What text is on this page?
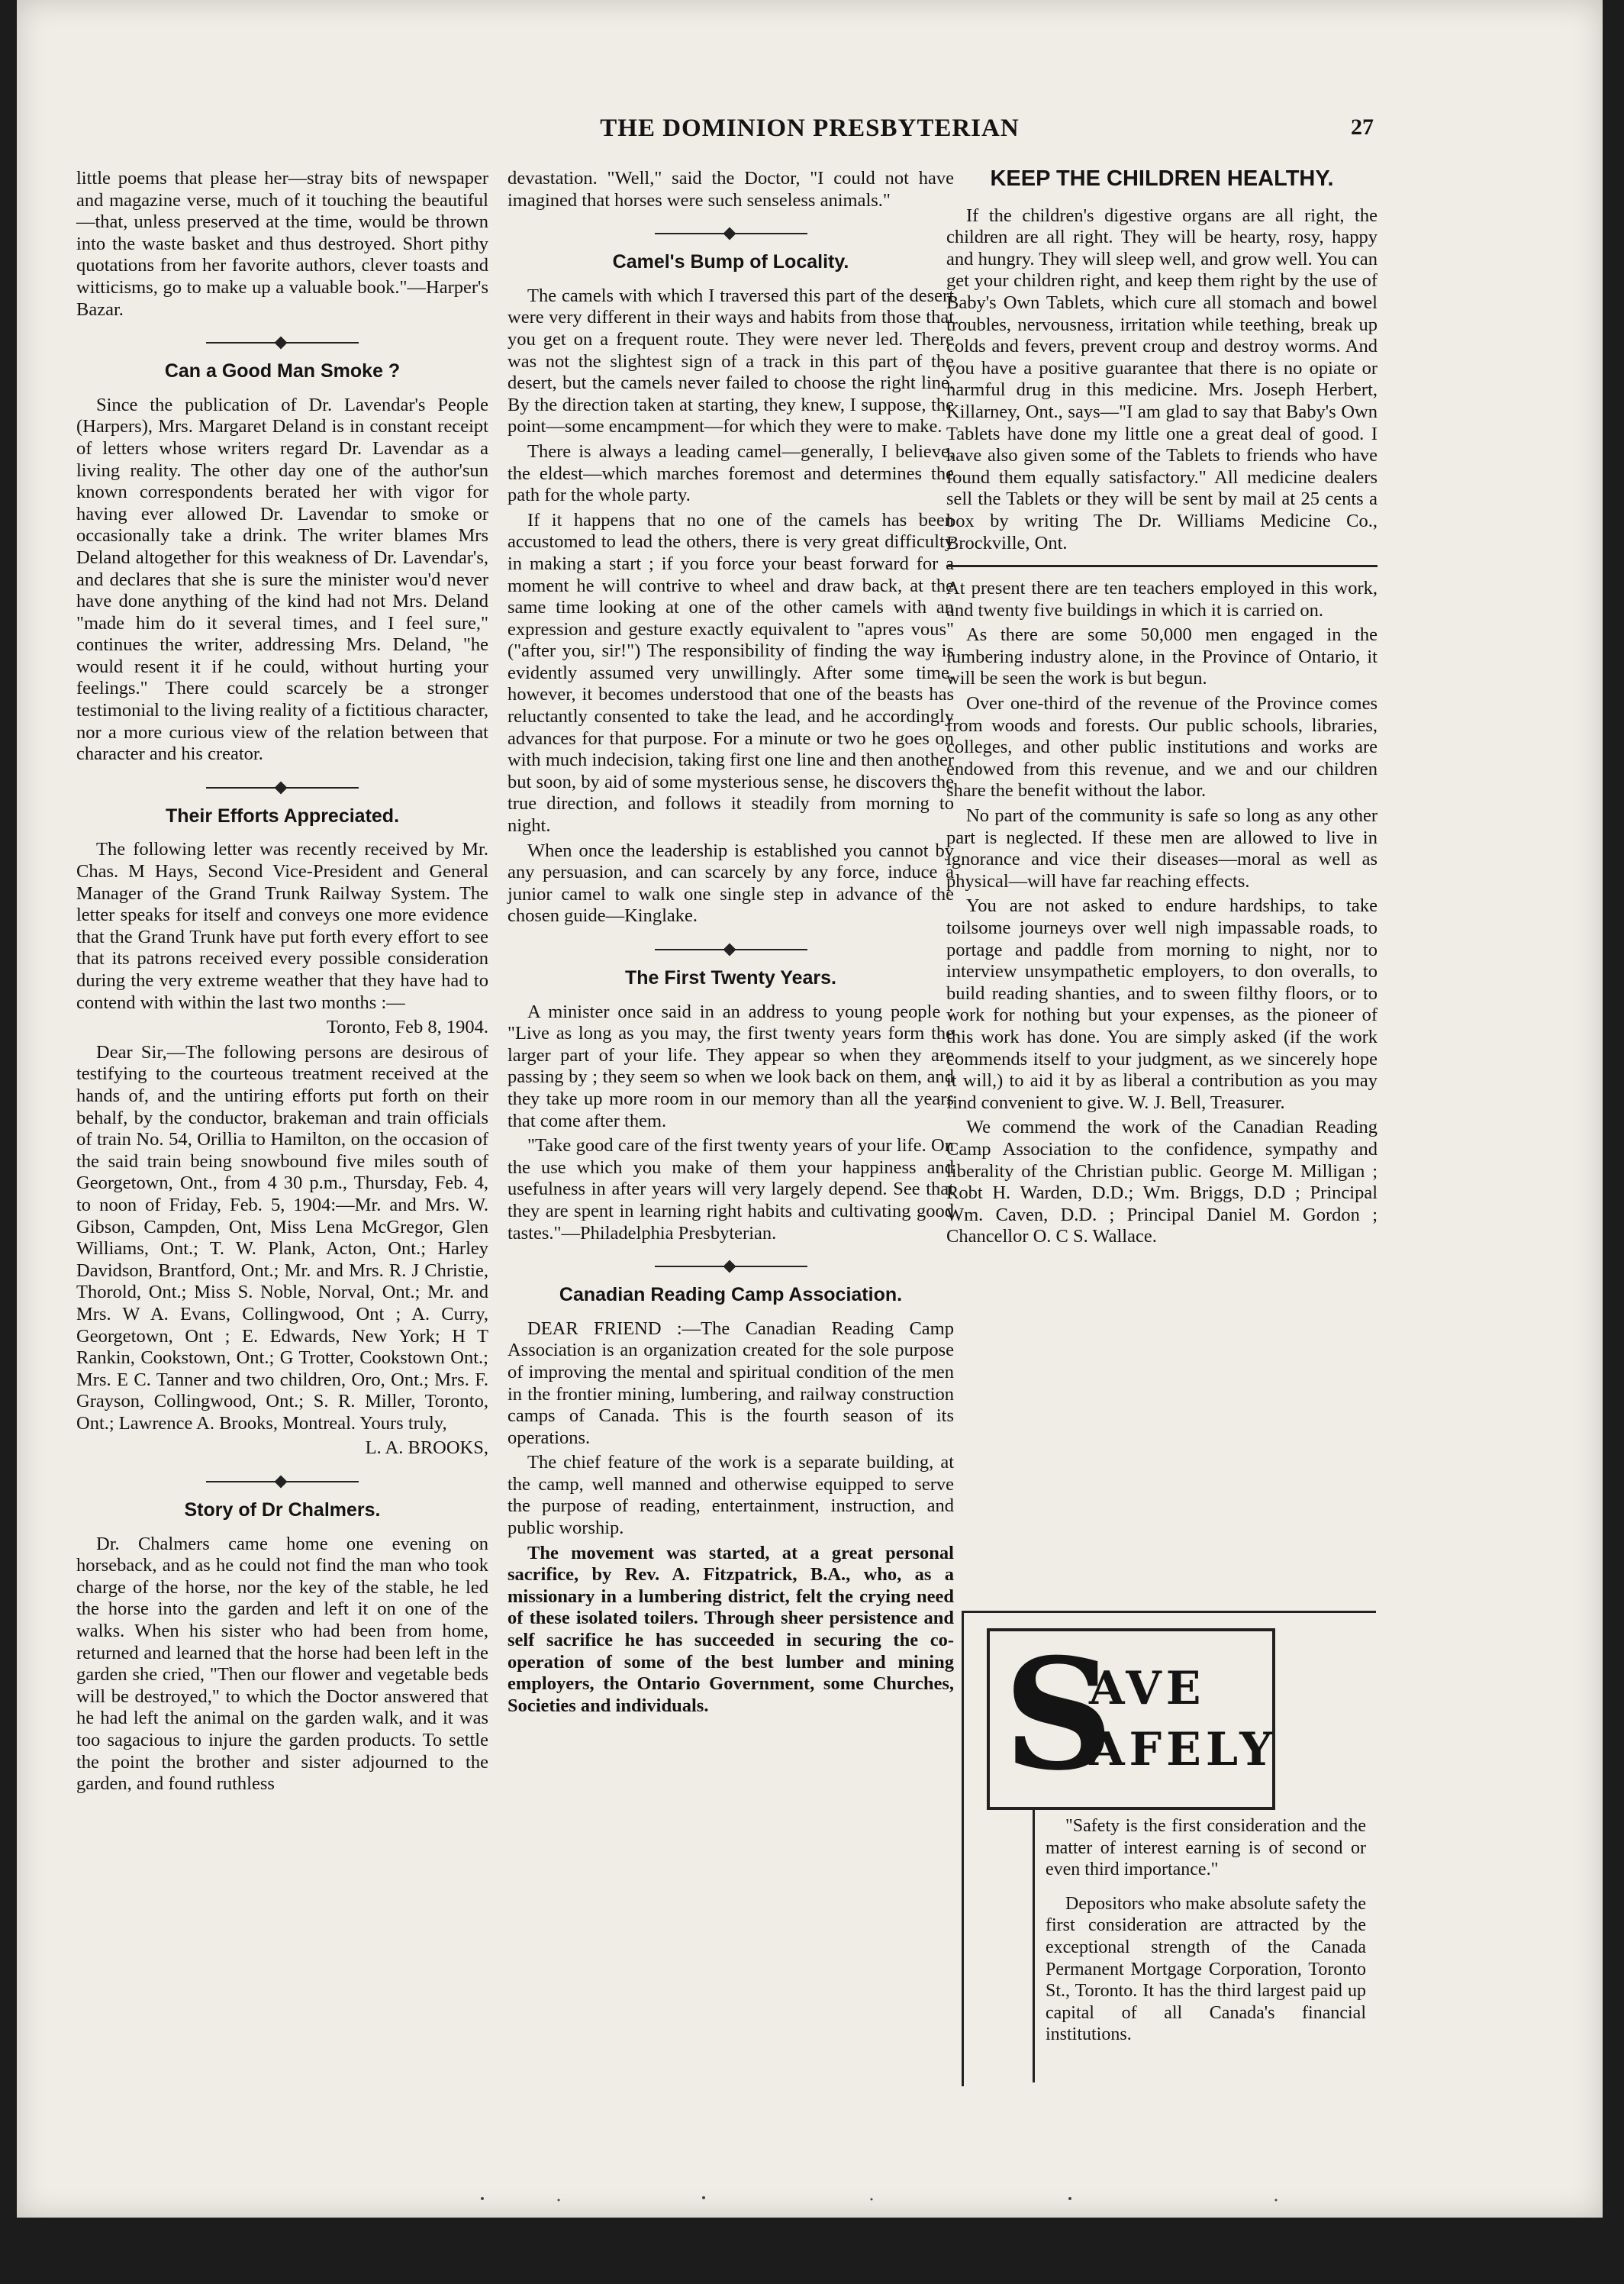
THE DOMINION PRESBYTERIAN	27

little poems that please her—stray bits of newspaper and magazine verse, much of it touching the beautiful—that, unless preserved at the time, would be thrown into the waste basket and thus destroyed. Short pithy quotations from her favorite authors, clever toasts and witticisms, go to make up a valuable book."—Harper's Bazar.

Can a Good Man Smoke ?

Since the publication of Dr. Lavendar's People (Harpers), Mrs. Margaret Deland is in constant receipt of letters whose writers regard Dr. Lavendar as a living reality. The other day one of the author'sun known correspondents berated her with vigor for having ever allowed Dr. Lavendar to smoke or occasionally take a drink. The writer blames Mrs Deland altogether for this weakness of Dr. Lavendar's, and declares that she is sure the minister wou'd never have done anything of the kind had not Mrs. Deland "made him do it several times, and I feel sure," continues the writer, addressing Mrs. Deland, "he would resent it if he could, without hurting your feelings." There could scarcely be a stronger testimonial to the living reality of a fictitious character, nor a more curious view of the relation between that character and his creator.

Their Efforts Appreciated.

The following letter was recently received by Mr. Chas. M Hays, Second Vice-President and General Manager of the Grand Trunk Railway System. The letter speaks for itself and conveys one more evidence that the Grand Trunk have put forth every effort to see that its patrons received every possible consideration during the very extreme weather that they have had to contend with within the last two months :—

Toronto, Feb 8, 1904.

Dear Sir,—The following persons are desirous of testifying to the courteous treatment received at the hands of, and the untiring efforts put forth on their behalf, by the conductor, brakeman and train officials of train No. 54, Orillia to Hamilton, on the occasion of the said train being snowbound five miles south of Georgetown, Ont., from 4 30 p.m., Thursday, Feb. 4, to noon of Friday, Feb. 5, 1904:—Mr. and Mrs. W. Gibson, Campden, Ont, Miss Lena McGregor, Glen Williams, Ont.; T. W. Plank, Acton, Ont.; Harley Davidson, Brantford, Ont.; Mr. and Mrs. R. J Christie, Thorold, Ont.; Miss S. Noble, Norval, Ont.; Mr. and Mrs. W A. Evans, Collingwood, Ont ; A. Curry, Georgetown, Ont ; E. Edwards, New York; H T Rankin, Cookstown, Ont.; G Trotter, Cookstown Ont.; Mrs. E C. Tanner and two children, Oro, Ont.; Mrs. F. Grayson, Collingwood, Ont.; S. R. Miller, Toronto, Ont.; Lawrence A. Brooks, Montreal. Yours truly,

L. A. BROOKS,

Story of Dr Chalmers.

Dr. Chalmers came home one evening on horseback, and as he could not find the man who took charge of the horse, nor the key of the stable, he led the horse into the garden and left it on one of the walks. When his sister who had been from home, returned and learned that the horse had been left in the garden she cried, "Then our flower and vegetable beds will be destroyed," to which the Doctor answered that he had left the animal on the garden walk, and it was too sagacious to injure the garden products. To settle the point the brother and sister adjourned to the garden, and found ruthless

devastation. "Well," said the Doctor, "I could not have imagined that horses were such senseless animals."

Camel's Bump of Locality.

The camels with which I traversed this part of the desert were very different in their ways and habits from those that you get on a frequent route. They were never led. There was not the slightest sign of a track in this part of the desert, but the camels never failed to choose the right line. By the direction taken at starting, they knew, I suppose, the point—some encampment—for which they were to make.

There is always a leading camel—generally, I believe, the eldest—which marches foremost and determines the path for the whole party.

If it happens that no one of the camels has been accustomed to lead the others, there is very great difficulty in making a start ; if you force your beast forward for a moment he will contrive to wheel and draw back, at the same time looking at one of the other camels with an expression and gesture exactly equivalent to "apres vous" ("after you, sir!") The responsibility of finding the way is evidently assumed very unwillingly. After some time, however, it becomes understood that one of the beasts has reluctantly consented to take the lead, and he accordingly advances for that purpose. For a minute or two he goes on with much indecision, taking first one line and then another but soon, by aid of some mysterious sense, he discovers the true direction, and follows it steadily from morning to night.

When once the leadership is established you cannot by any persuasion, and can scarcely by any force, induce a junior camel to walk one single step in advance of the chosen guide—Kinglake.

The First Twenty Years.

A minister once said in an address to young people : "Live as long as you may, the first twenty years form the larger part of your life. They appear so when they are passing by ; they seem so when we look back on them, and they take up more room in our memory than all the years that come after them.

"Take good care of the first twenty years of your life. On the use which you make of them your happiness and usefulness in after years will very largely depend. See that they are spent in learning right habits and cultivating good tastes."—Philadelphia Presbyterian.

Canadian Reading Camp Association.

DEAR FRIEND :—The Canadian Reading Camp Association is an organization created for the sole purpose of improving the mental and spiritual condition of the men in the frontier mining, lumbering, and railway construction camps of Canada. This is the fourth season of its operations.

The chief feature of the work is a separate building, at the camp, well manned and otherwise equipped to serve the purpose of reading, entertainment, instruction, and public worship.

The movement was started, at a great personal sacrifice, by Rev. A. Fitzpatrick, B.A., who, as a missionary in a lumbering district, felt the crying need of these isolated toilers. Through sheer persistence and self sacrifice he has succeeded in securing the co-operation of some of the best lumber and mining employers, the Ontario Government, some Churches, Societies and individuals.

KEEP THE CHILDREN HEALTHY.

If the children's digestive organs are all right, the children are all right. They will be hearty, rosy, happy and hungry. They will sleep well, and grow well. You can get your children right, and keep them right by the use of Baby's Own Tablets, which cure all stomach and bowel troubles, nervousness, irritation while teething, break up colds and fevers, prevent croup and destroy worms. And you have a positive guarantee that there is no opiate or harmful drug in this medicine. Mrs. Joseph Herbert, Killarney, Ont., says—"I am glad to say that Baby's Own Tablets have done my little one a great deal of good. I have also given some of the Tablets to friends who have found them equally satisfactory." All medicine dealers sell the Tablets or they will be sent by mail at 25 cents a box by writing The Dr. Williams Medicine Co., Brockville, Ont.

At present there are ten teachers employed in this work, and twenty five buildings in which it is carried on.

As there are some 50,000 men engaged in the lumbering industry alone, in the Province of Ontario, it will be seen the work is but begun.

Over one-third of the revenue of the Province comes from woods and forests. Our public schools, libraries, colleges, and other public institutions and works are endowed from this revenue, and we and our children share the benefit without the labor.

No part of the community is safe so long as any other part is neglected. If these men are allowed to live in ignorance and vice their diseases—moral as well as physical—will have far reaching effects.

You are not asked to endure hardships, to take toilsome journeys over well nigh impassable roads, to portage and paddle from morning to night, nor to interview unsympathetic employers, to don overalls, to build reading shanties, and to sween filthy floors, or to work for nothing but your expenses, as the pioneer of this work has done. You are simply asked (if the work commends itself to your judgment, as we sincerely hope it will,) to aid it by as liberal a contribution as you may find convenient to give. W. J. Bell, Treasurer.

We commend the work of the Canadian Reading Camp Association to the confidence, sympathy and liberality of the Christian public. George M. Milligan ; Robt H. Warden, D.D.; Wm. Briggs, D.D ; Principal Wm. Caven, D.D. ; Principal Daniel M. Gordon ; Chancellor O. C S. Wallace.

S
AVE
AFELY

"Safety is the first consideration and the matter of interest earning is of second or even third importance."

Depositors who make absolute safety the first consideration are attracted by the exceptional strength of the Canada Permanent Mortgage Corporation, Toronto St., Toronto. It has the third largest paid up capital of all Canada's financial institutions.
